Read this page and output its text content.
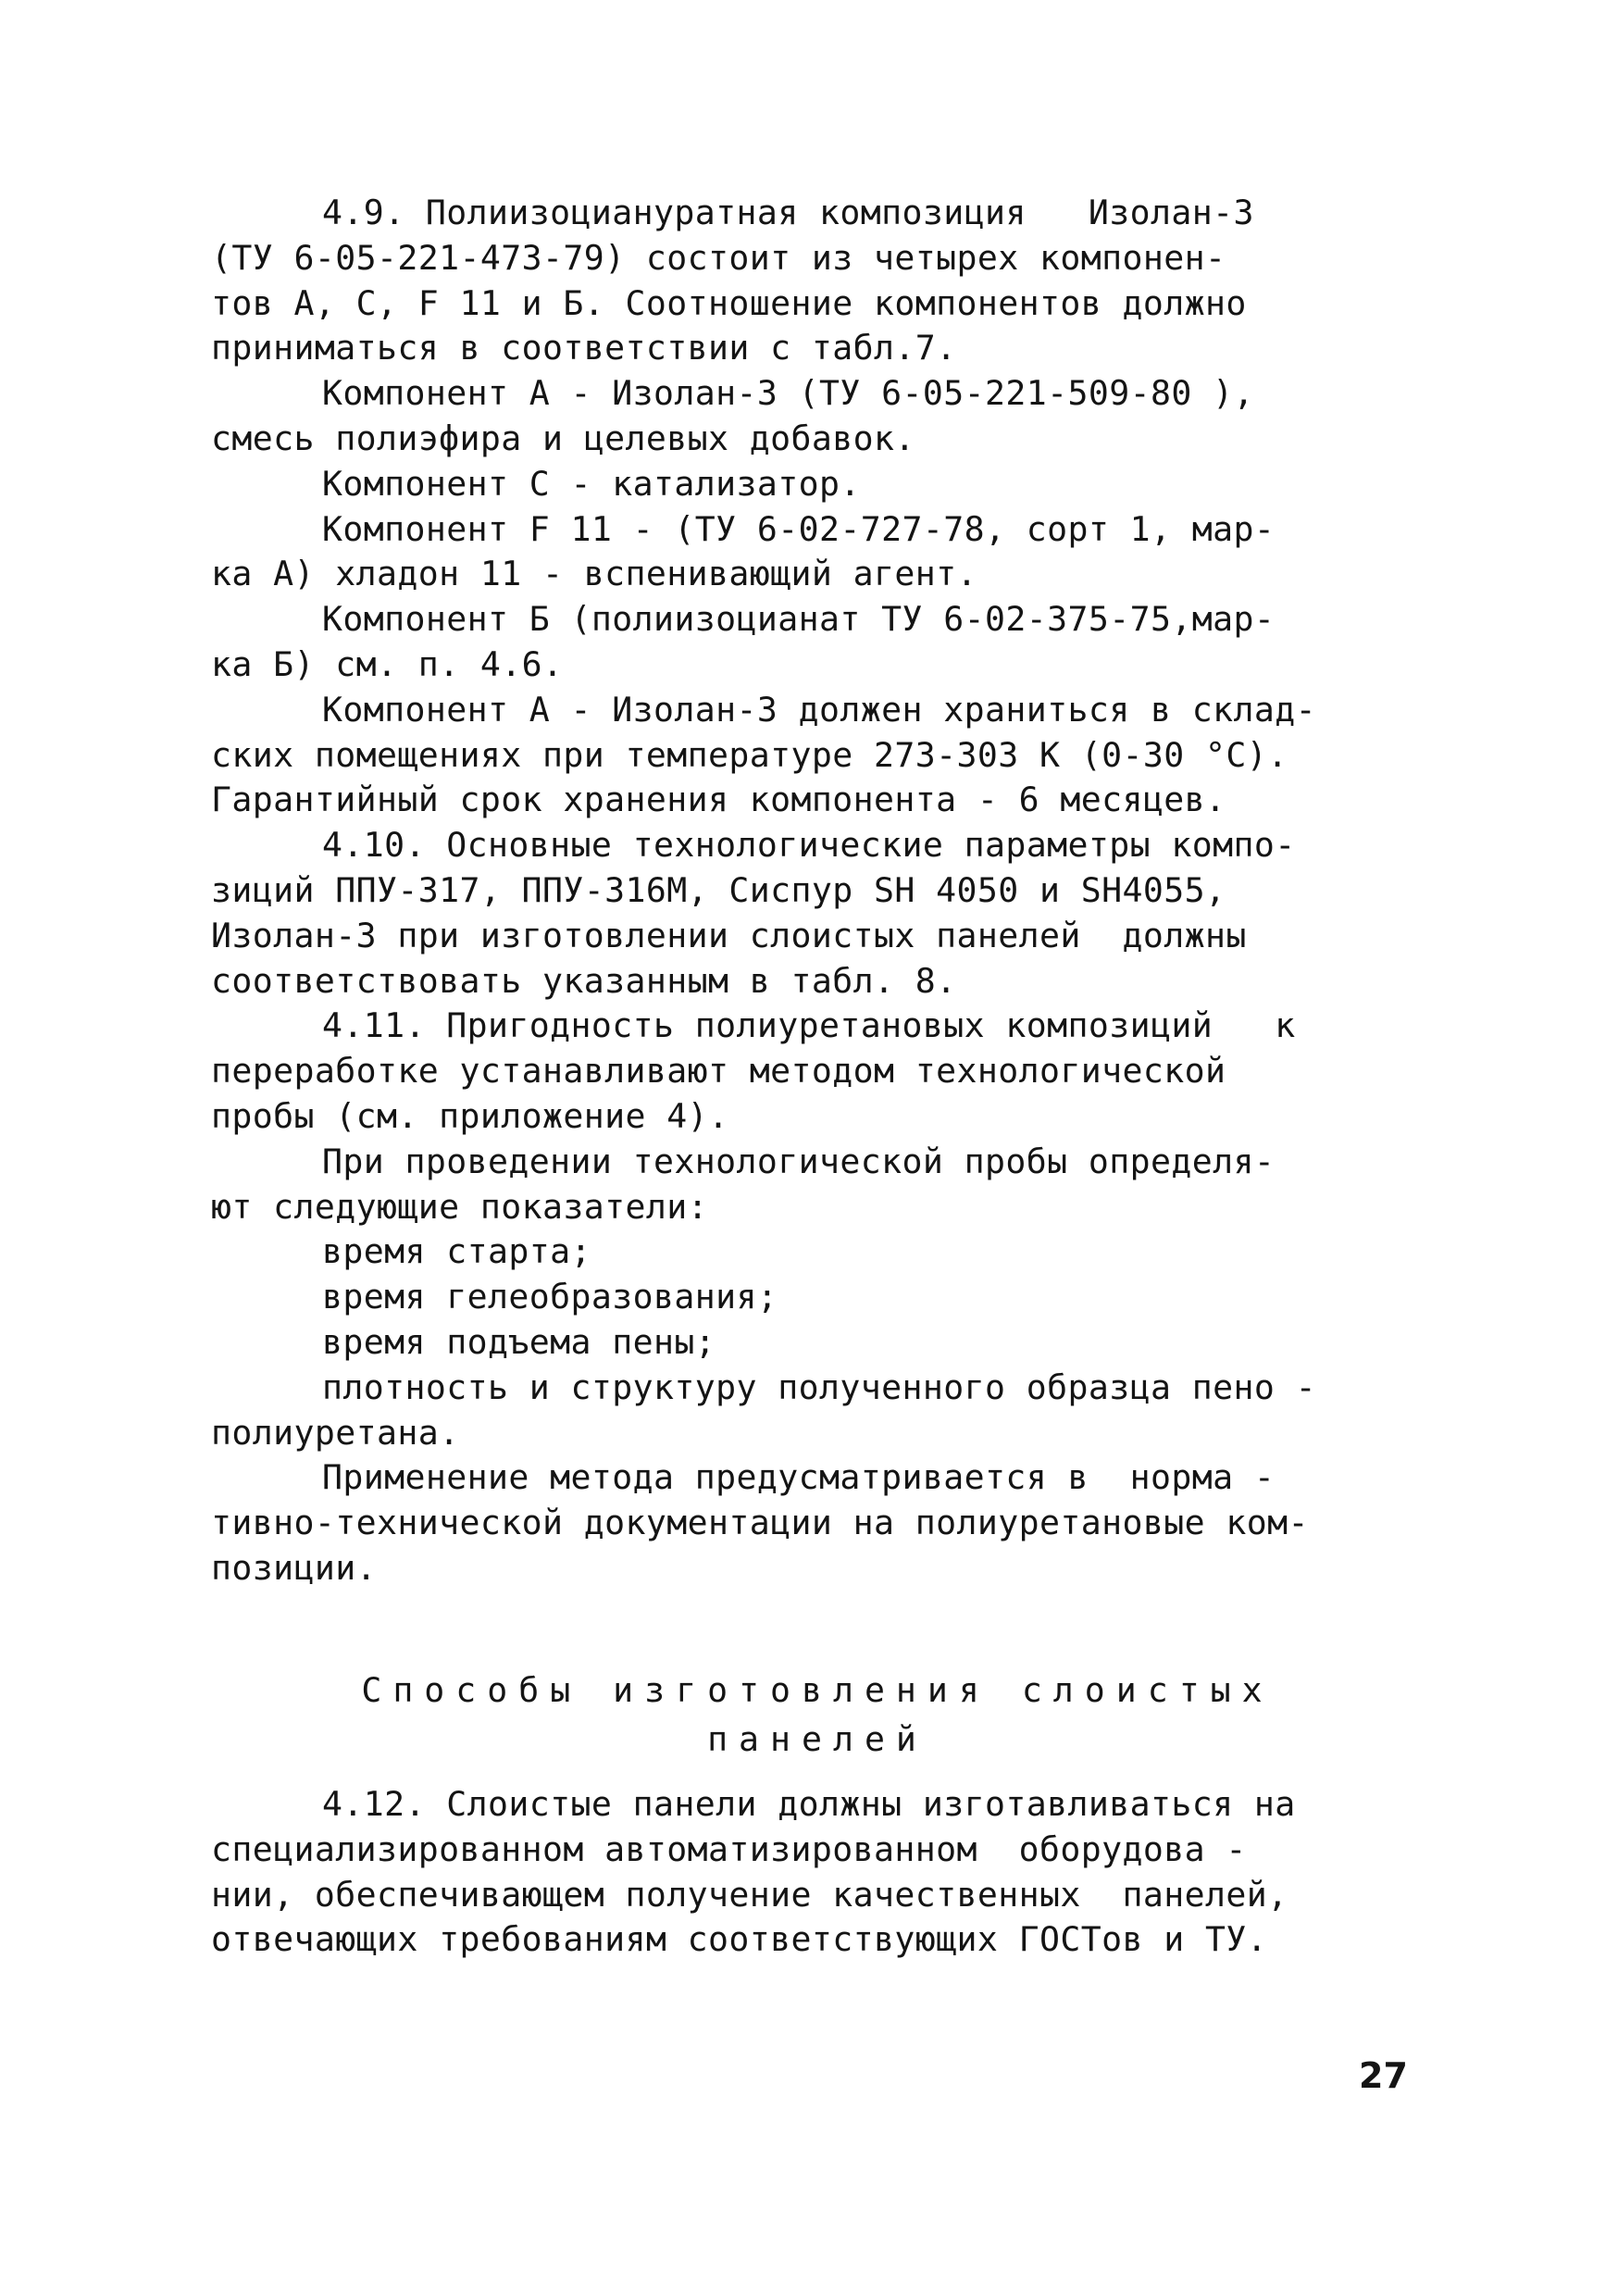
4.9. Полиизоциануратная композиция   Изолан-3
(ТУ 6-05-221-473-79) состоит из четырех компонен-
тов А, С, F 11 и Б. Соотношение компонентов должно
приниматься в соответствии с табл.7.
Компонент А - Изолан-3 (ТУ 6-05-221-509-80 ),
смесь полиэфира и целевых добавок.
Компонент С - катализатор.
Компонент F 11 - (ТУ 6-02-727-78, сорт 1, мар-
ка А) хладон 11 - вспенивающий агент.
Компонент Б (полиизоцианат ТУ 6-02-375-75,мар-
ка Б) см. п. 4.6.
Компонент А - Изолан-3 должен храниться в склад-
ских помещениях при температуре 273-303 К (0-30 °С).
Гарантийный срок хранения компонента - 6 месяцев.
4.10. Основные технологические параметры компо-
зиций ППУ-317, ППУ-316М, Сиспур SH 4050 и SH4055,
Изолан-3 при изготовлении слоистых панелей  должны
соответствовать указанным в табл. 8.
4.11. Пригодность полиуретановых композиций   к
переработке устанавливают методом технологической
пробы (см. приложение 4).
При проведении технологической пробы определя-
ют следующие показатели:
время старта;
время гелеобразования;
время подъема пены;
плотность и структуру полученного образца пено -
полиуретана.
Применение метода предусматривается в  норма -
тивно-технической документации на полиуретановые ком-
позиции.
Способы изготовления слоистых
панелей
4.12. Слоистые панели должны изготавливаться на
специализированном автоматизированном  оборудова -
нии, обеспечивающем получение качественных  панелей,
отвечающих требованиям соответствующих ГОСТов и ТУ.
27
